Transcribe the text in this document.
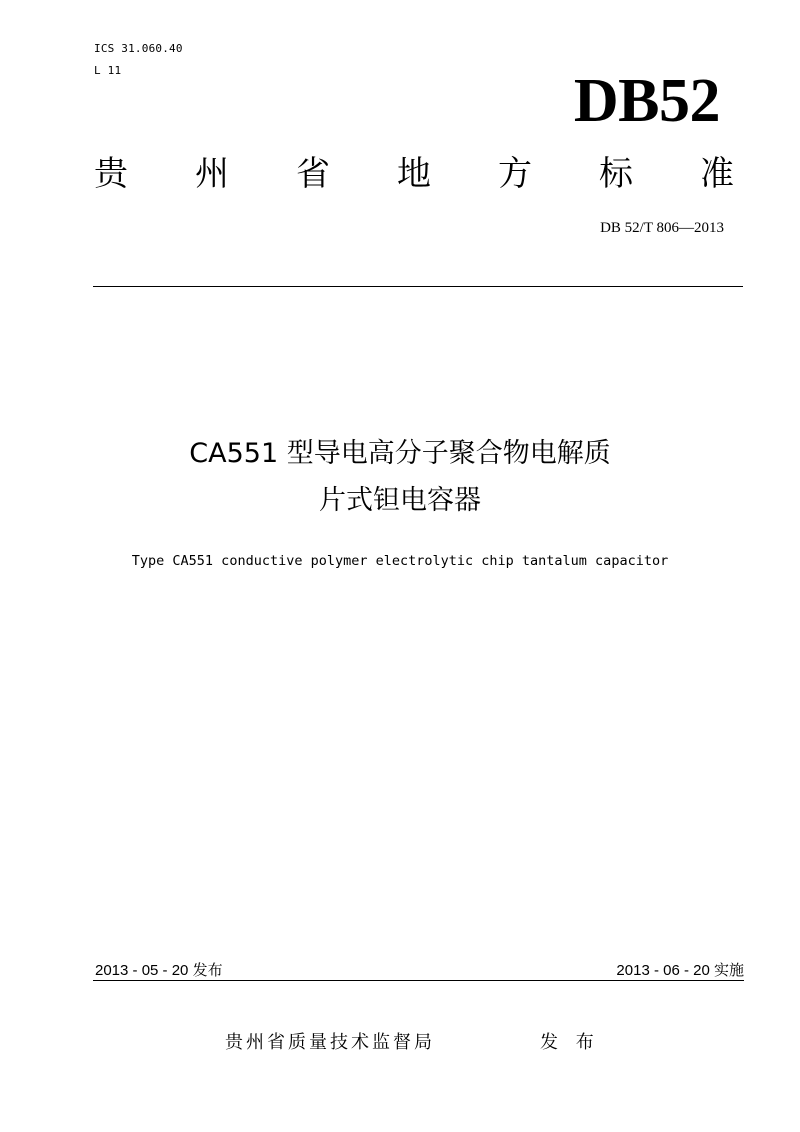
ICS 31.060.40
L 11	DB52
贵 州 省 地 方 标 准
DB 52/T 806—2013
CA551 型导电高分子聚合物电解质
片式钽电容器
Type CA551 conductive polymer electrolytic chip tantalum capacitor
2013 - 05 - 20 发布	2013 - 06 - 20 实施
贵州省质量技术监督局	发 布
